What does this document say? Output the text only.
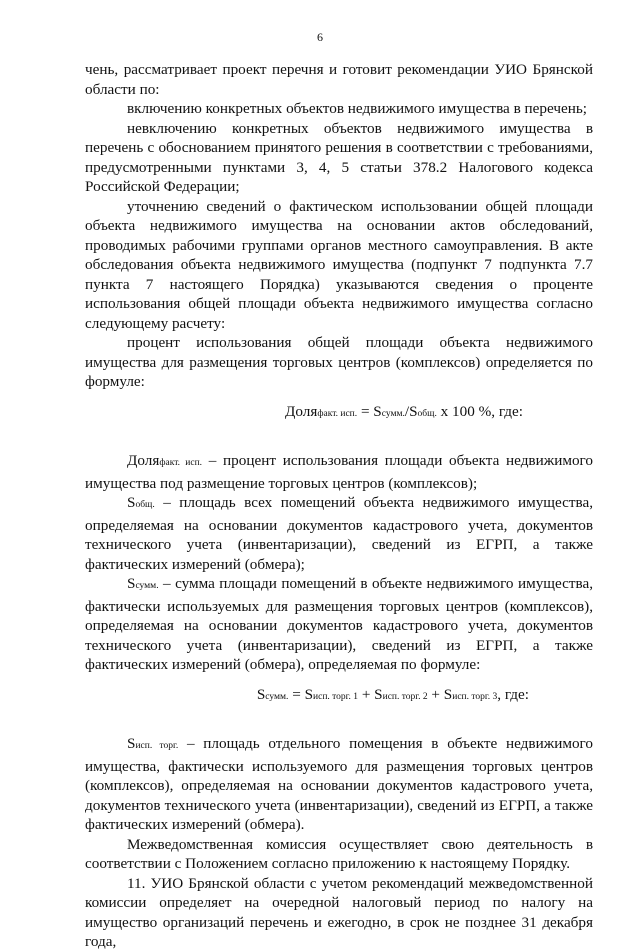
6

чень, рассматривает проект перечня и готовит рекомендации УИО Брянской области по:

включению конкретных объектов недвижимого имущества в перечень;

невключению конкретных объектов недвижимого имущества в перечень с обоснованием принятого решения в соответствии с требованиями, предусмотренными пунктами 3, 4, 5 статьи 378.2 Налогового кодекса Российской Федерации;

уточнению сведений о фактическом использовании общей площади объекта недвижимого имущества на основании актов обследований, проводимых рабочими группами органов местного самоуправления. В акте обследования объекта недвижимого имущества (подпункт 7 подпункта 7.7 пункта 7 настоящего Порядка) указываются сведения о проценте использования общей площади объекта недвижимого имущества согласно следующему расчету:

процент использования общей площади объекта недвижимого имущества для размещения торговых центров (комплексов) определяется по формуле:

Доляфакт. исп. = Sсумм./Sобщ. х 100 %, где:

Доляфакт. исп. – процент использования площади объекта недвижимого имущества под размещение торговых центров (комплексов);

Sобщ. – площадь всех помещений объекта недвижимого имущества, определяемая на основании документов кадастрового учета, документов технического учета (инвентаризации), сведений из ЕГРП, а также фактических измерений (обмера);

Sсумм. – сумма площади помещений в объекте недвижимого имущества, фактически используемых для размещения торговых центров (комплексов), определяемая на основании документов кадастрового учета, документов технического учета (инвентаризации), сведений из ЕГРП, а также фактических измерений (обмера), определяемая по формуле:

Sсумм. = Sисп. торг. 1 + Sисп. торг. 2 + Sисп. торг. 3, где:

Sисп. торг. – площадь отдельного помещения в объекте недвижимого имущества, фактически используемого для размещения торговых центров (комплексов), определяемая на основании документов кадастрового учета, документов технического учета (инвентаризации), сведений из ЕГРП, а также фактических измерений (обмера).

Межведомственная комиссия осуществляет свою деятельность в соответствии с Положением согласно приложению к настоящему Порядку.

11. УИО Брянской области с учетом рекомендаций межведомственной комиссии определяет на очередной налоговый период по налогу на имущество организаций перечень и ежегодно, в срок не позднее 31 декабря года,
